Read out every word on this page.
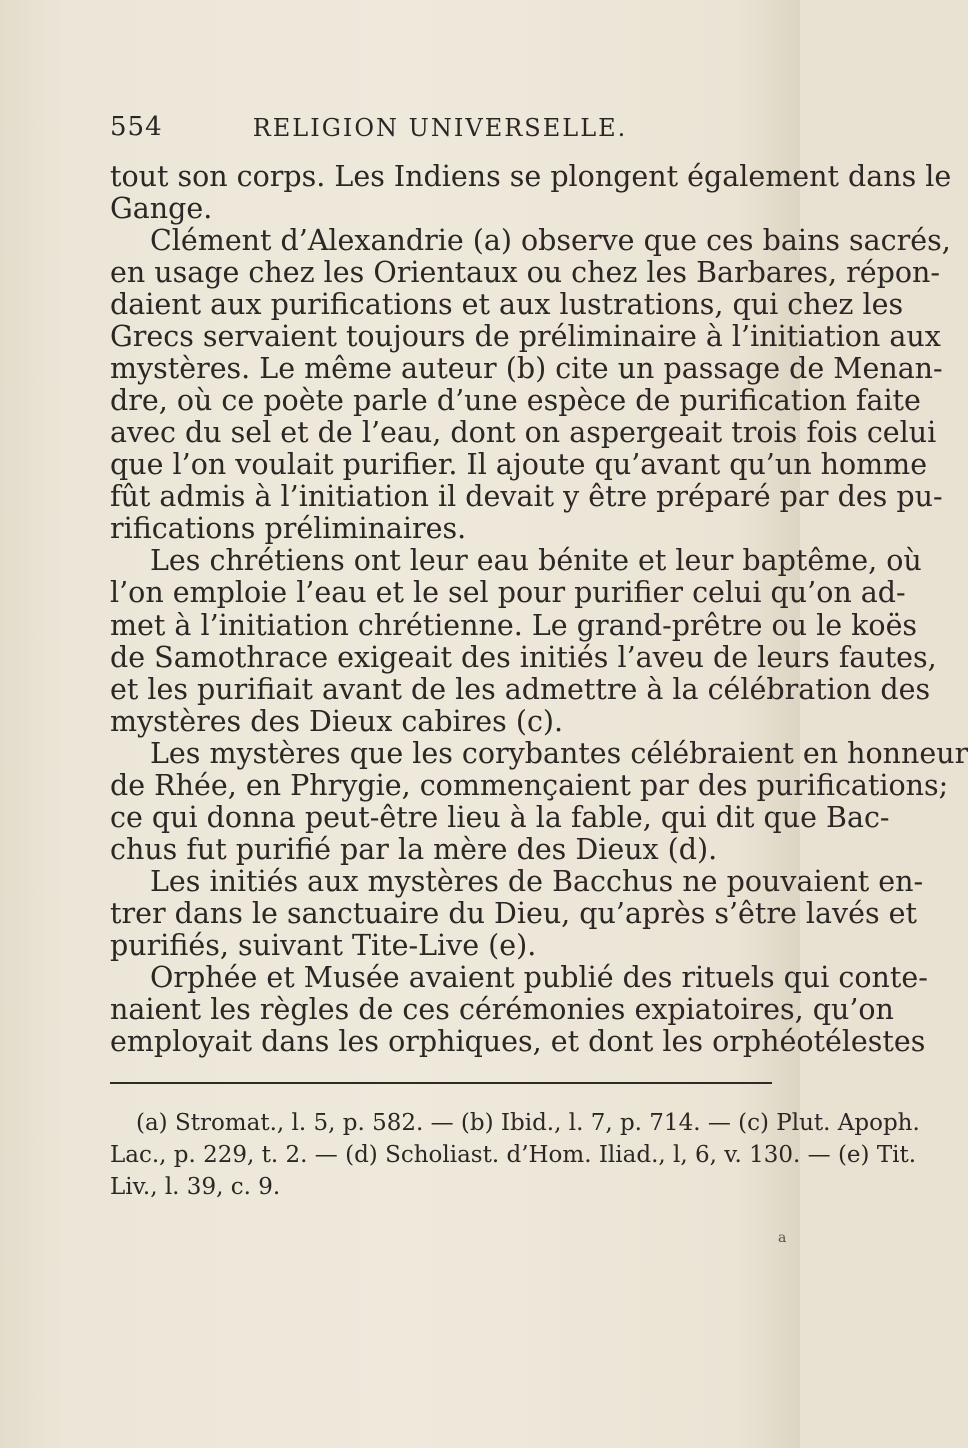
554	RELIGION UNIVERSELLE.
tout son corps. Les Indiens se plongent également dans le
Gange.
Clément d’Alexandrie (a) observe que ces bains sacrés,
en usage chez les Orientaux ou chez les Barbares, répon-
daient aux purifications et aux lustrations, qui chez les
Grecs servaient toujours de préliminaire à l’initiation aux
mystères. Le même auteur (b) cite un passage de Menan-
dre, où ce poète parle d’une espèce de purification faite
avec du sel et de l’eau, dont on aspergeait trois fois celui
que l’on voulait purifier. Il ajoute qu’avant qu’un homme
fût admis à l’initiation il devait y être préparé par des pu-
rifications préliminaires.
Les chrétiens ont leur eau bénite et leur baptême, où
l’on emploie l’eau et le sel pour purifier celui qu’on ad-
met à l’initiation chrétienne. Le grand-prêtre ou le koës
de Samothrace exigeait des initiés l’aveu de leurs fautes,
et les purifiait avant de les admettre à la célébration des
mystères des Dieux cabires (c).
Les mystères que les corybantes célébraient en honneur
de Rhée, en Phrygie, commençaient par des purifications;
ce qui donna peut-être lieu à la fable, qui dit que Bac-
chus fut purifié par la mère des Dieux (d).
Les initiés aux mystères de Bacchus ne pouvaient en-
trer dans le sanctuaire du Dieu, qu’après s’être lavés et
purifiés, suivant Tite-Live (e).
Orphée et Musée avaient publié des rituels qui conte-
naient les règles de ces cérémonies expiatoires, qu’on
employait dans les orphiques, et dont les orphéotélestes
(a) Stromat., l. 5, p. 582. — (b) Ibid., l. 7, p. 714. — (c) Plut. Apoph.
Lac., p. 229, t. 2. — (d) Scholiast. d’Hom. Iliad., l, 6, v. 130. — (e) Tit.
Liv., l. 39, c. 9.
a
